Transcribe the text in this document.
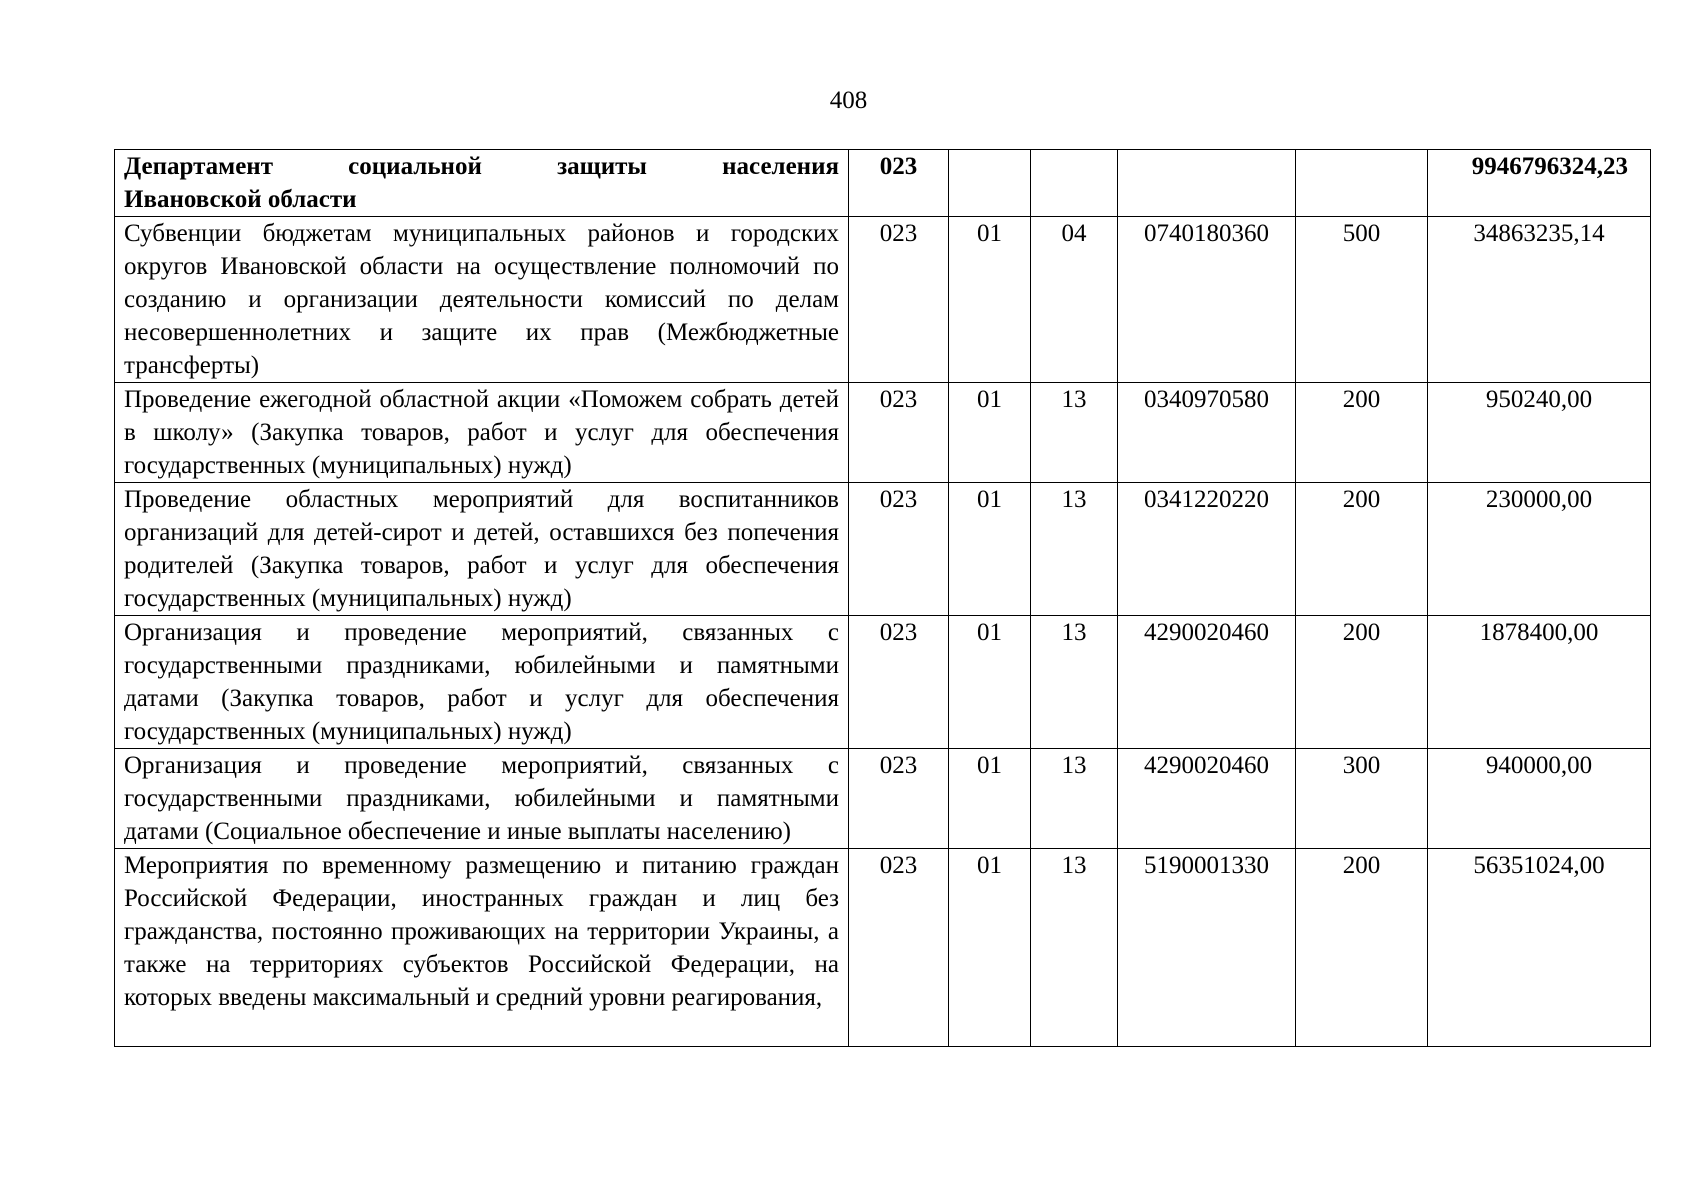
408
Департамент социальной защиты населения
Ивановской области	023					9946796324,23
Субвенции бюджетам муниципальных районов и городских округов Ивановской области на осуществление полномочий по созданию и организации деятельности комиссий по делам несовершеннолетних и защите их прав (Межбюджетные трансферты)	023	01	04	0740180360	500	34863235,14
Проведение ежегодной областной акции «Поможем собрать детей в школу» (Закупка товаров, работ и услуг для обеспечения государственных (муниципальных) нужд)	023	01	13	0340970580	200	950240,00
Проведение областных мероприятий для воспитанников организаций для детей-сирот и детей, оставшихся без попечения родителей (Закупка товаров, работ и услуг для обеспечения государственных (муниципальных) нужд)	023	01	13	0341220220	200	230000,00
Организация и проведение мероприятий, связанных с государственными праздниками, юбилейными и памятными датами (Закупка товаров, работ и услуг для обеспечения государственных (муниципальных) нужд)	023	01	13	4290020460	200	1878400,00
Организация и проведение мероприятий, связанных с государственными праздниками, юбилейными и памятными датами (Социальное обеспечение и иные выплаты населению)	023	01	13	4290020460	300	940000,00
Мероприятия по временному размещению и питанию граждан Российской Федерации, иностранных граждан и лиц без гражданства, постоянно проживающих на территории Украины, а также на территориях субъектов Российской Федерации, на которых введены максимальный и средний уровни реагирования,	023	01	13	5190001330	200	56351024,00
